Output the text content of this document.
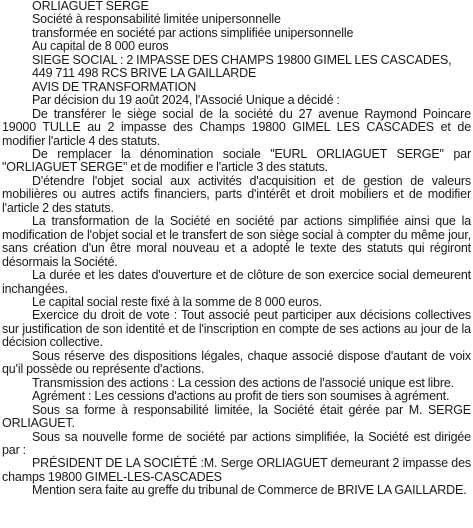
ORLIAGUET SERGE
Société à responsabilité limitée unipersonnelle
transformée en société par actions simplifiée unipersonnelle
Au capital de 8 000 euros
SIEGE SOCIAL : 2 IMPASSE DES CHAMPS 19800 GIMEL LES CASCADES,
449 711 498 RCS BRIVE LA GAILLARDE
AVIS DE TRANSFORMATION

Par décision du 19 août 2024, l'Associé Unique a décidé :

De transférer le siège social de la société du 27 avenue Raymond Poincare 19000 TULLE au 2 impasse des Champs 19800 GIMEL LES CASCADES et de modifier l'article 4 des statuts.

De remplacer la dénomination sociale "EURL ORLIAGUET SERGE" par "ORLIAGUET SERGE" et de modifier e l'article 3 des statuts.

D'étendre l'objet social aux activités d'acquisition et de gestion de valeurs mobilières ou autres actifs financiers, parts d'intérêt et droit mobiliers et de modifier l'article 2 des statuts.

La transformation de la Société en société par actions simplifiée ainsi que la modification de l'objet social et le transfert de son siège social à compter du même jour, sans création d'un être moral nouveau et a adopté le texte des statuts qui régiront désormais la Société.

La durée et les dates d'ouverture et de clôture de son exercice social demeurent inchangées.

Le capital social reste fixé à la somme de 8 000 euros.

Exercice du droit de vote : Tout associé peut participer aux décisions collectives sur justification de son identité et de l'inscription en compte de ses actions au jour de la décision collective.

Sous réserve des dispositions légales, chaque associé dispose d'autant de voix qu'il possède ou représente d'actions.

Transmission des actions : La cession des actions de l'associé unique est libre.

Agrément : Les cessions d'actions au profit de tiers son soumises à agrément.

Sous sa forme à responsabilité limitée, la Société était gérée par M. SERGE ORLIAGUET.

Sous sa nouvelle forme de société par actions simplifiée, la Société est dirigée par :

PRÉSIDENT DE LA SOCIÉTÉ :M. Serge ORLIAGUET demeurant 2 impasse des champs 19800 GIMEL-LES-CASCADES

Mention sera faite au greffe du tribunal de Commerce de BRIVE LA GAILLARDE.
